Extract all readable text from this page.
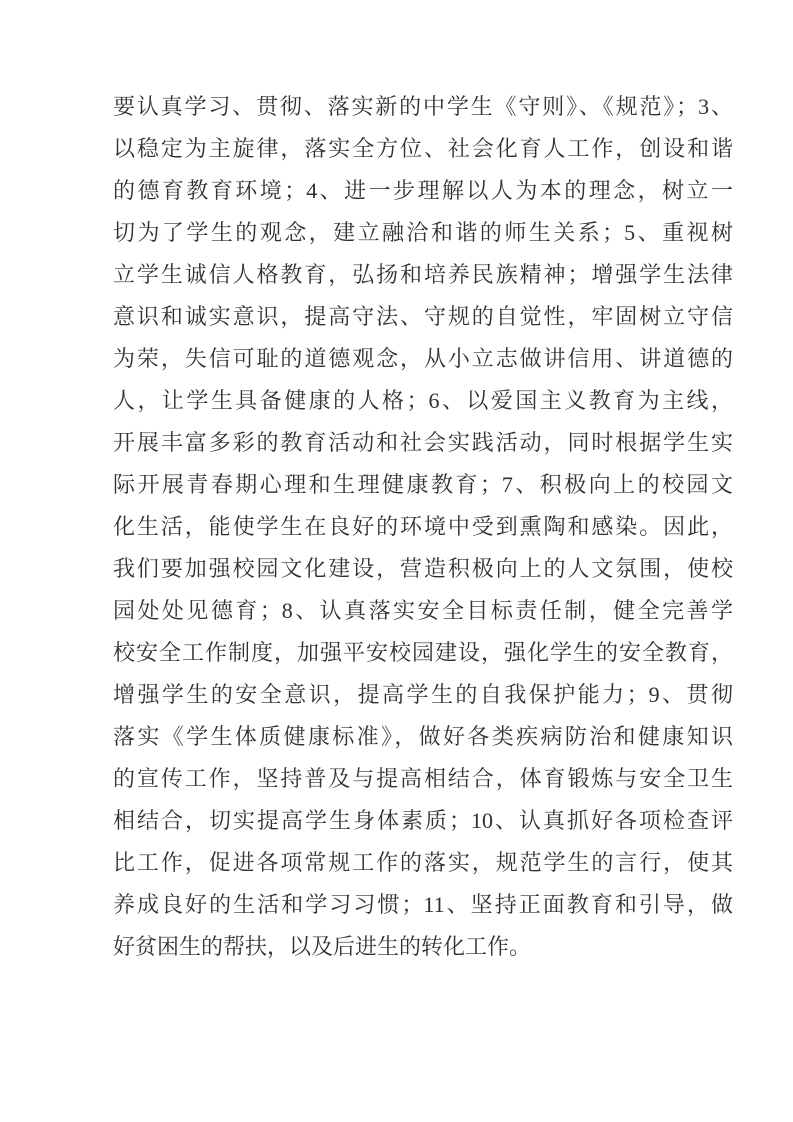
要认真学习、贯彻、落实新的中学生《守则》、《规范》；3、
以稳定为主旋律，落实全方位、社会化育人工作，创设和谐
的德育教育环境；4、进一步理解以人为本的理念，树立一
切为了学生的观念，建立融洽和谐的师生关系；5、重视树
立学生诚信人格教育，弘扬和培养民族精神；增强学生法律
意识和诚实意识，提高守法、守规的自觉性，牢固树立守信
为荣，失信可耻的道德观念，从小立志做讲信用、讲道德的
人，让学生具备健康的人格；6、以爱国主义教育为主线，
开展丰富多彩的教育活动和社会实践活动，同时根据学生实
际开展青春期心理和生理健康教育；7、积极向上的校园文
化生活，能使学生在良好的环境中受到熏陶和感染。因此，
我们要加强校园文化建设，营造积极向上的人文氛围，使校
园处处见德育；8、认真落实安全目标责任制，健全完善学
校安全工作制度，加强平安校园建设，强化学生的安全教育，
增强学生的安全意识，提高学生的自我保护能力；9、贯彻
落实《学生体质健康标准》，做好各类疾病防治和健康知识
的宣传工作，坚持普及与提高相结合，体育锻炼与安全卫生
相结合，切实提高学生身体素质；10、认真抓好各项检查评
比工作，促进各项常规工作的落实，规范学生的言行，使其
养成良好的生活和学习习惯；11、坚持正面教育和引导，做
好贫困生的帮扶，以及后进生的转化工作。
